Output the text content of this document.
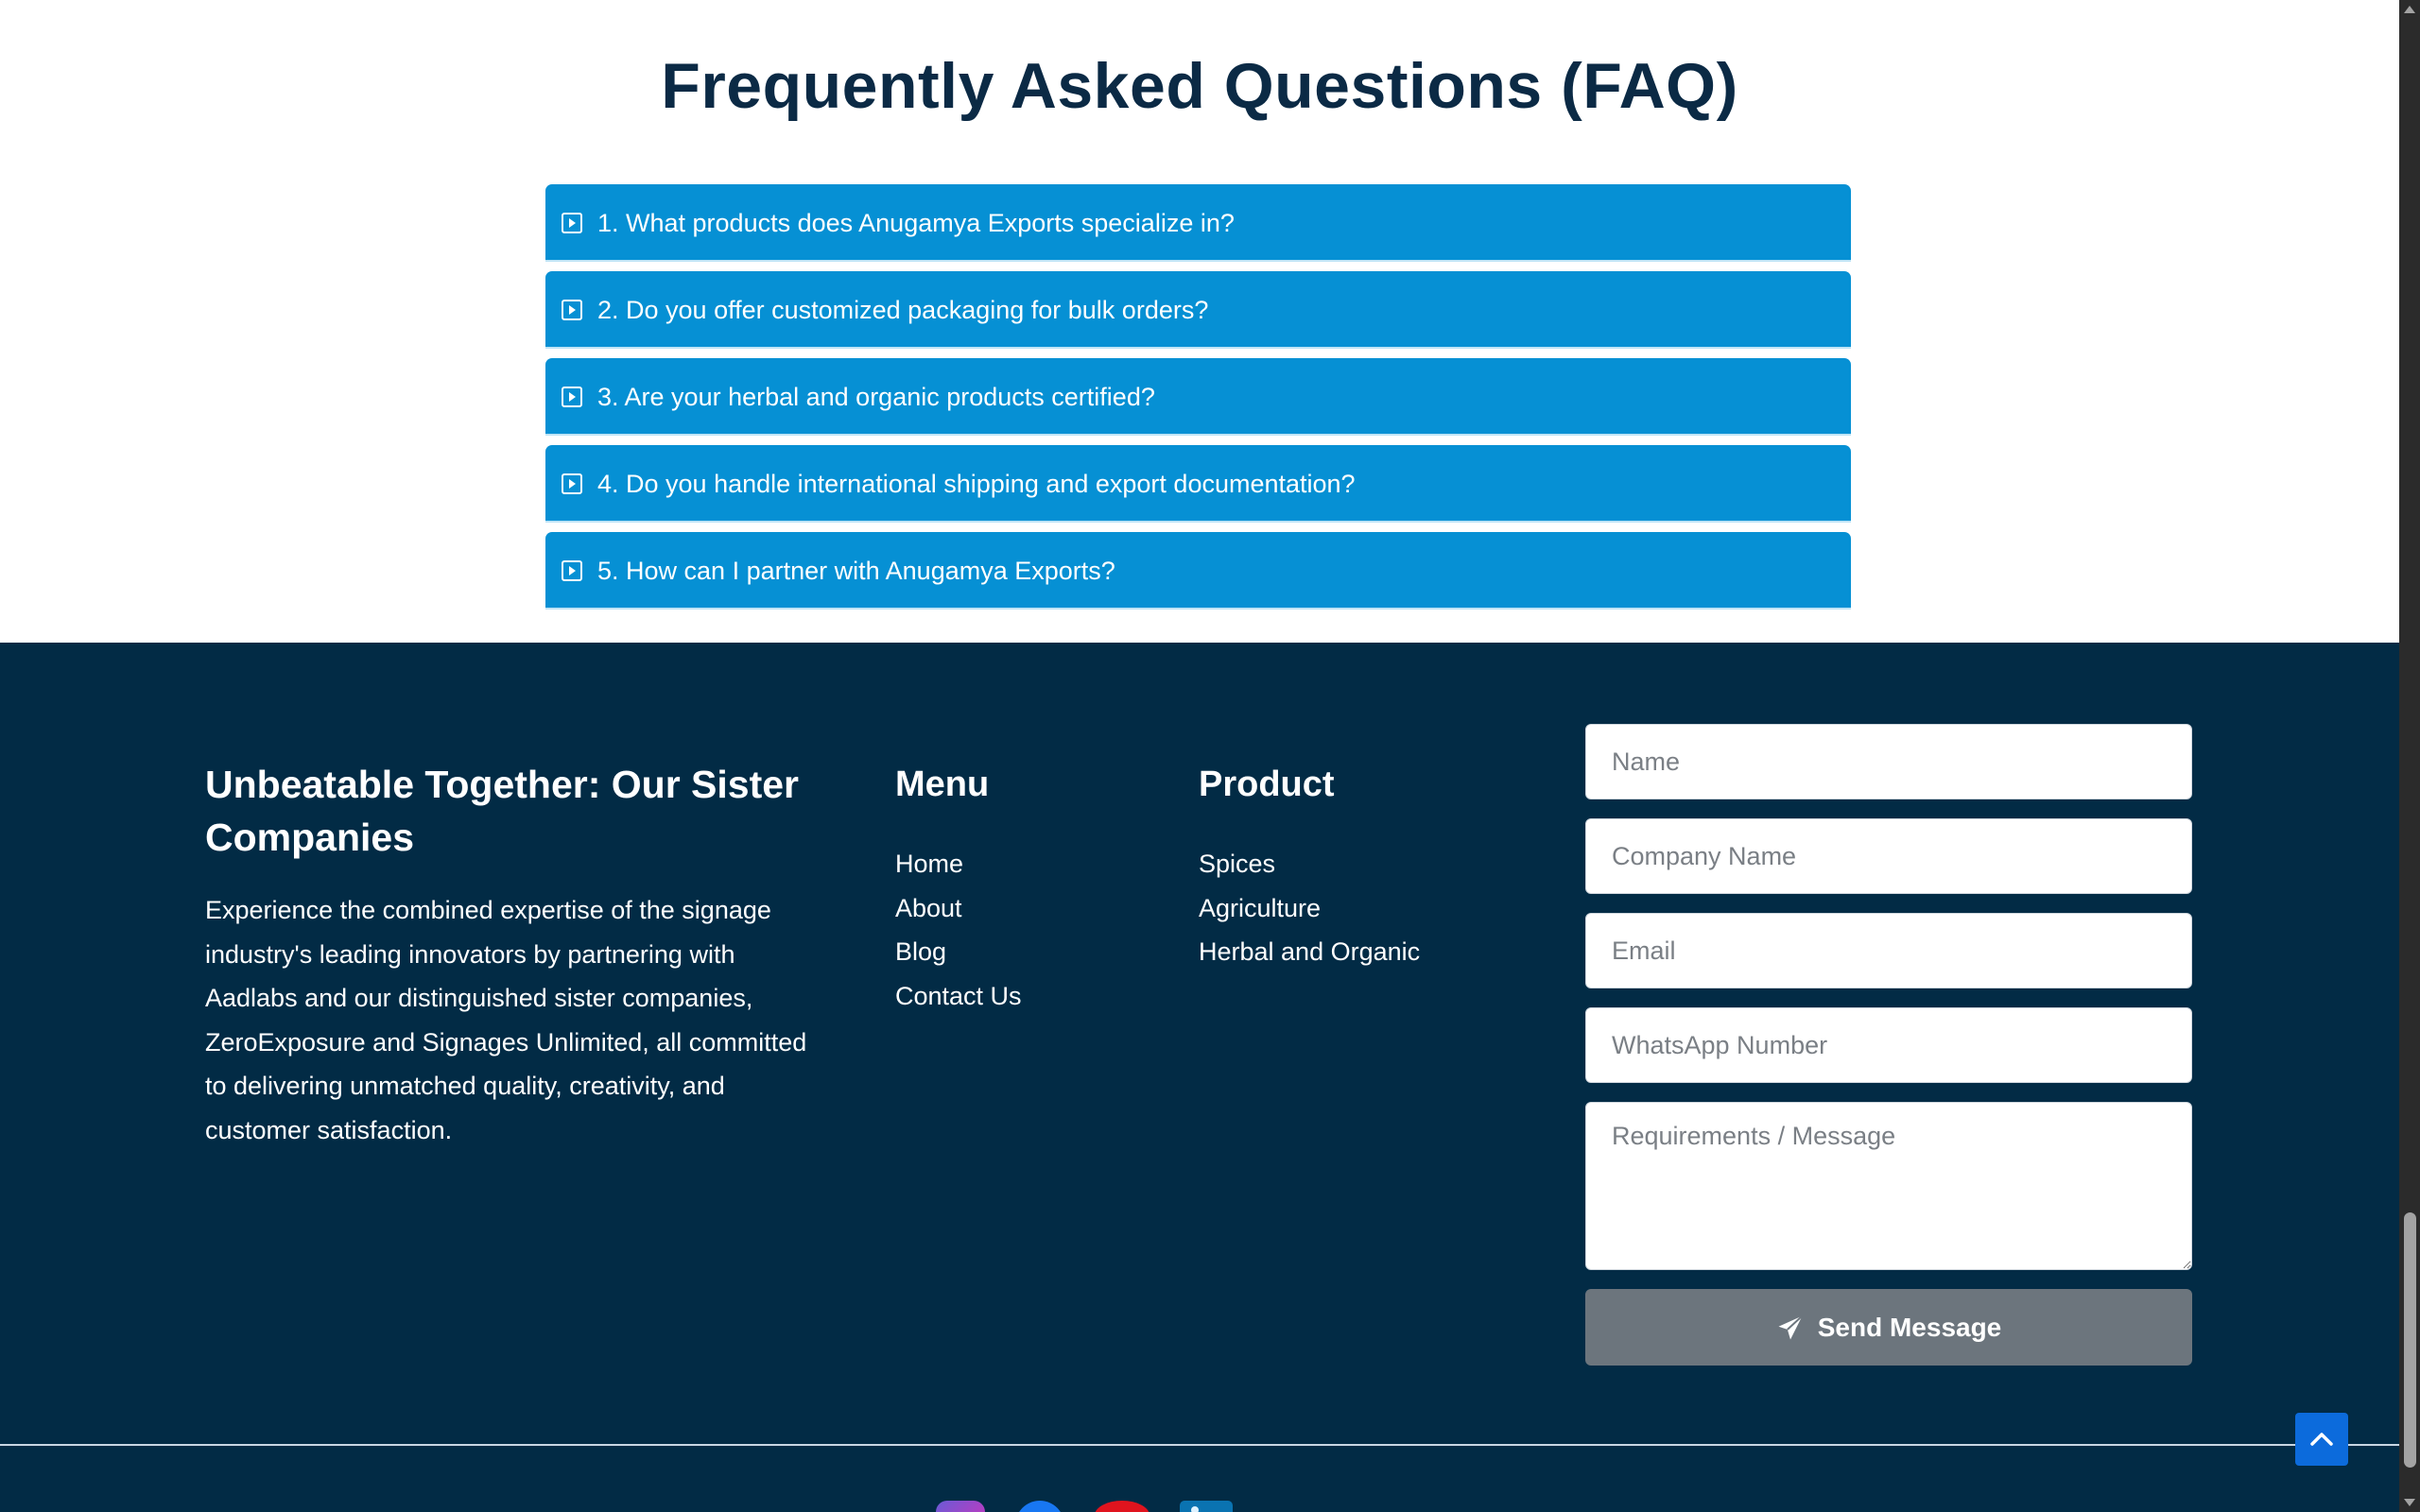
Frequently Asked Questions (FAQ)
1. What products does Anugamya Exports specialize in?
2. Do you offer customized packaging for bulk orders?
3. Are your herbal and organic products certified?
4. Do you handle international shipping and export documentation?
5. How can I partner with Anugamya Exports?
Unbeatable Together: Our Sister Companies

Experience the combined expertise of the signage industry's leading innovators by partnering with Aadlabs and our distinguished sister companies, ZeroExposure and Signages Unlimited, all committed to delivering unmatched quality, creativity, and customer satisfaction.

Menu
Home
About
Blog
Contact Us
Product
Spices
Agriculture
Herbal and Organic
Name
Company Name
Email
WhatsApp Number
Requirements / Message
Send Message
